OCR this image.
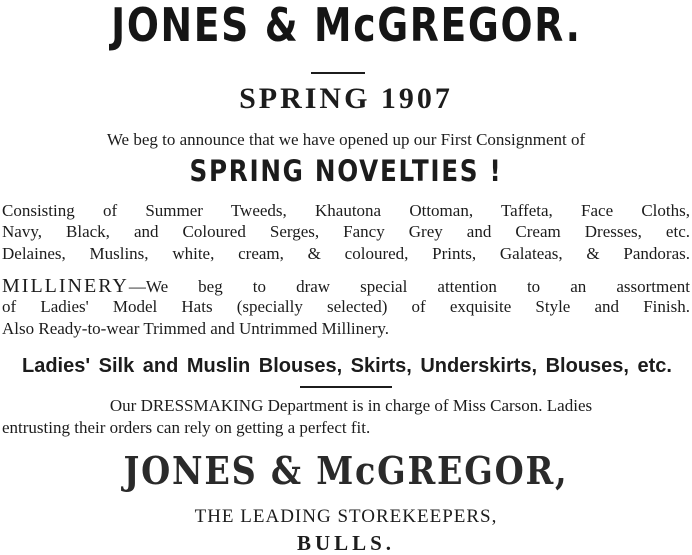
JONES & McGREGOR.
SPRING 1907
We beg to announce that we have opened up our First Consignment of
SPRING NOVELTIES !
Consisting of Summer Tweeds, Khautona Ottoman, Taffeta, Face Cloths,
Navy, Black, and Coloured Serges, Fancy Grey and Cream Dresses, etc.
Delaines, Muslins, white, cream, & coloured, Prints, Galateas, & Pandoras.
MILLINERY—We beg to draw special attention to an assortment
of Ladies' Model Hats (specially selected) of exquisite Style and Finish.
Also Ready-to-wear Trimmed and Untrimmed Millinery.
Ladies' Silk and Muslin Blouses, Skirts, Underskirts, Blouses, etc.
Our DRESSMAKING Department is in charge of Miss Carson. Ladies
entrusting their orders can rely on getting a perfect fit.
JONES & McGREGOR,
THE LEADING STOREKEEPERS,
BULLS.
